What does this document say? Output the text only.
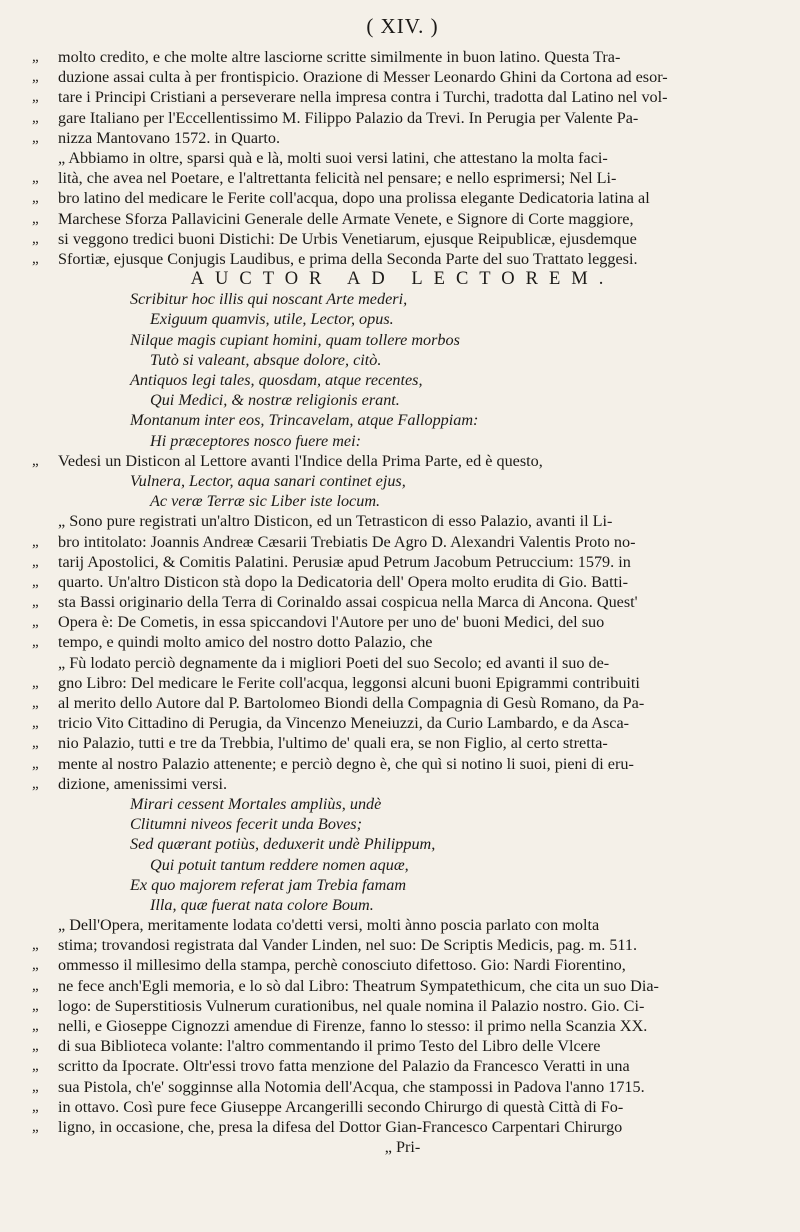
( XIV. )
„ molto credito, e che molte altre lasciorne scritte similmente in buon latino. Questa Tra-
„ duzione assai culta à per frontispicio. Orazione di Messer Leonardo Ghini da Cortona ad esor-
„ tare i Principi Cristiani a perseverare nella impresa contra i Turchi, tradotta dal Latino nel vol-
„ gare Italiano per l'Eccellentissimo M. Filippo Palazio da Trevi. In Perugia per Valente Pa-
„ nizza Mantovano 1572. in Quarto.
„ Abbiamo in oltre, sparsi quà e là, molti suoi versi latini, che attestano la molta faci-
„ lità, che avea nel Poetare, e l'altrettanta felicità nel pensare; e nello esprimersi; Nel Li-
„ bro latino del medicare le Ferite coll'acqua, dopo una prolissa elegante Dedicatoria latina al
„ Marchese Sforza Pallavicini Generale delle Armate Venete, e Signore di Corte maggiore,
„ si veggono tredici buoni Distichi: De Urbis Venetiarum, ejusque Reipublicæ, ejusdemque
„ Sfortiæ, ejusque Conjugis Laudibus, e prima della Seconda Parte del suo Trattato leggesi.
AUCTOR AD LECTOREM.
Scribitur hoc illis qui noscant Arte mederi,
Exiguum quamvis, utile, Lector, opus.
Nilque magis cupiant homini, quam tollere morbos
Tutò si valeant, absque dolore, citò.
Antiquos legi tales, quosdam, atque recentes,
Qui Medici, & nostræ religionis erant.
Montanum inter eos, Trincavelam, atque Falloppiam:
Hi præceptores nosco fuere mei:
„ Vedesi un Disticon al Lettore avanti l'Indice della Prima Parte, ed è questo,
Vulnera, Lector, aqua sanari continet ejus,
Ac veræ Terræ sic Liber iste locum.
„ Sono pure registrati un'altro Disticon, ed un Tetrasticon di esso Palazio, avanti il Li-
„ bro intitolato: Joannis Andreæ Cæsarii Trebiatis De Agro D. Alexandri Valentis Proto no-
„ tarij Apostolici, & Comitis Palatini. Perusiæ apud Petrum Jacobum Petruccium: 1579. in
„ quarto. Un'altro Disticon stà dopo la Dedicatoria dell' Opera molto erudita di Gio. Batti-
„ sta Bassi originario della Terra di Corinaldo assai cospicua nella Marca di Ancona. Quest'
„ Opera è: De Cometis, in essa spiccandovi l'Autore per uno de' buoni Medici, del suo
„ tempo, e quindi molto amico del nostro dotto Palazio, che
„ Fù lodato perciò degnamente da i migliori Poeti del suo Secolo; ed avanti il suo de-
„ gno Libro: Del medicare le Ferite coll'acqua, leggonsi alcuni buoni Epigrammi contribuiti
„ al merito dello Autore dal P. Bartolomeo Biondi della Compagnia di Gesù Romano, da Pa-
„ tricio Vito Cittadino di Perugia, da Vincenzo Meneiuzzi, da Curio Lambardo, e da Asca-
„ nio Palazio, tutti e tre da Trebbia, l'ultimo de' quali era, se non Figlio, al certo stretta-
„ mente al nostro Palazio attenente; e perciò degno è, che quì si notino li suoi, pieni di eru-
„ dizione, amenissimi versi.
Mirari cessent Mortales ampliùs, undè
Clitumni niveos fecerit unda Boves;
Sed quærant potiùs, deduxerit undè Philippum,
Qui potuit tantum reddere nomen aquæ,
Ex quo majorem referat jam Trebia famam
Illa, quæ fuerat nata colore Boum.
„ Dell'Opera, meritamente lodata co'detti versi, molti ànno poscia parlato con molta
„ stima; trovandosi registrata dal Vander Linden, nel suo: De Scriptis Medicis, pag. m. 511.
„ ommesso il millesimo della stampa, perchè conosciuto difettoso. Gio: Nardi Fiorentino,
„ ne fece anch'Egli memoria, e lo sò dal Libro: Theatrum Sympatethicum, che cita un suo Dia-
„ logo: de Superstitiosis Vulnerum curationibus, nel quale nomina il Palazio nostro. Gio. Ci-
„ nelli, e Gioseppe Cignozzi amendue di Firenze, fanno lo stesso: il primo nella Scanzia XX.
„ di sua Biblioteca volante: l'altro commentando il primo Testo del Libro delle Vlcere
„ scritto da Ipocrate. Oltr'essi trovo fatta menzione del Palazio da Francesco Veratti in una
„ sua Pistola, ch'e' sogginnse alla Notomia dell'Acqua, che stampossi in Padova l'anno 1715.
„ in ottavo. Così pure fece Giuseppe Arcangerilli secondo Chirurgo di questà Città di Fo-
„ ligno, in occasione, che, presa la difesa del Dottor Gian-Francesco Carpentari Chirurgo
„ Pri-
